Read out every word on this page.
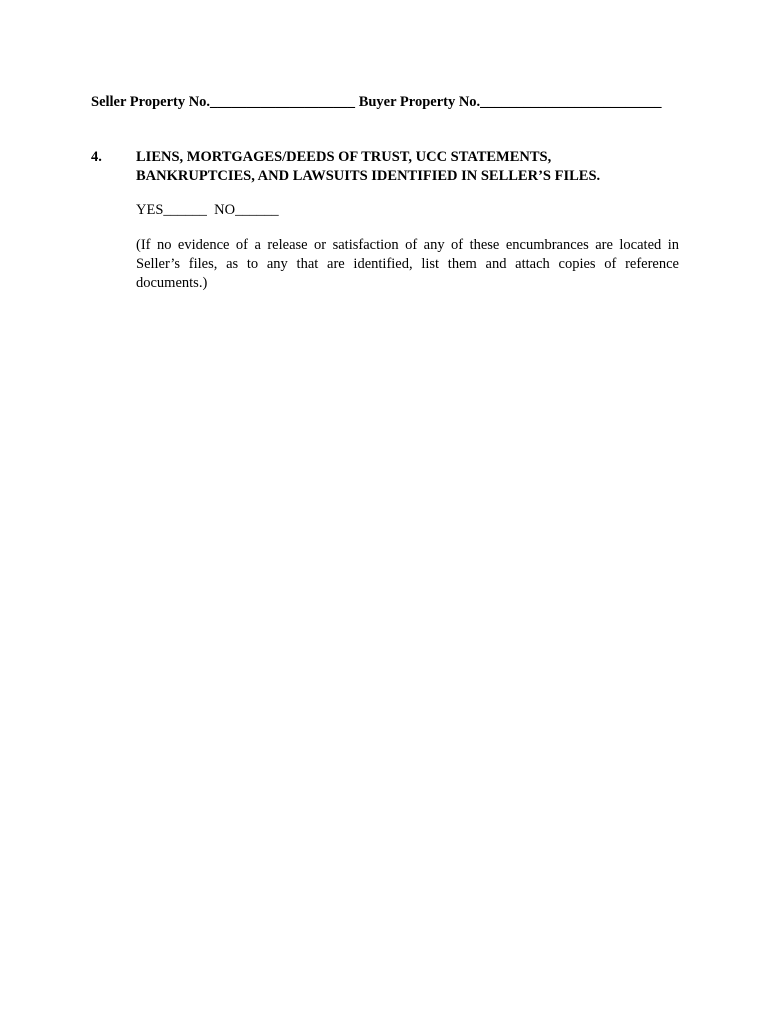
Seller Property No.____________________ Buyer Property No._________________________
4. LIENS, MORTGAGES/DEEDS OF TRUST, UCC STATEMENTS,
BANKRUPTCIES, AND LAWSUITS IDENTIFIED IN SELLER’S FILES.
YES______ NO______
(If no evidence of a release or satisfaction of any of these encumbrances are located in Seller’s files, as to any that are identified, list them and attach copies of reference documents.)
